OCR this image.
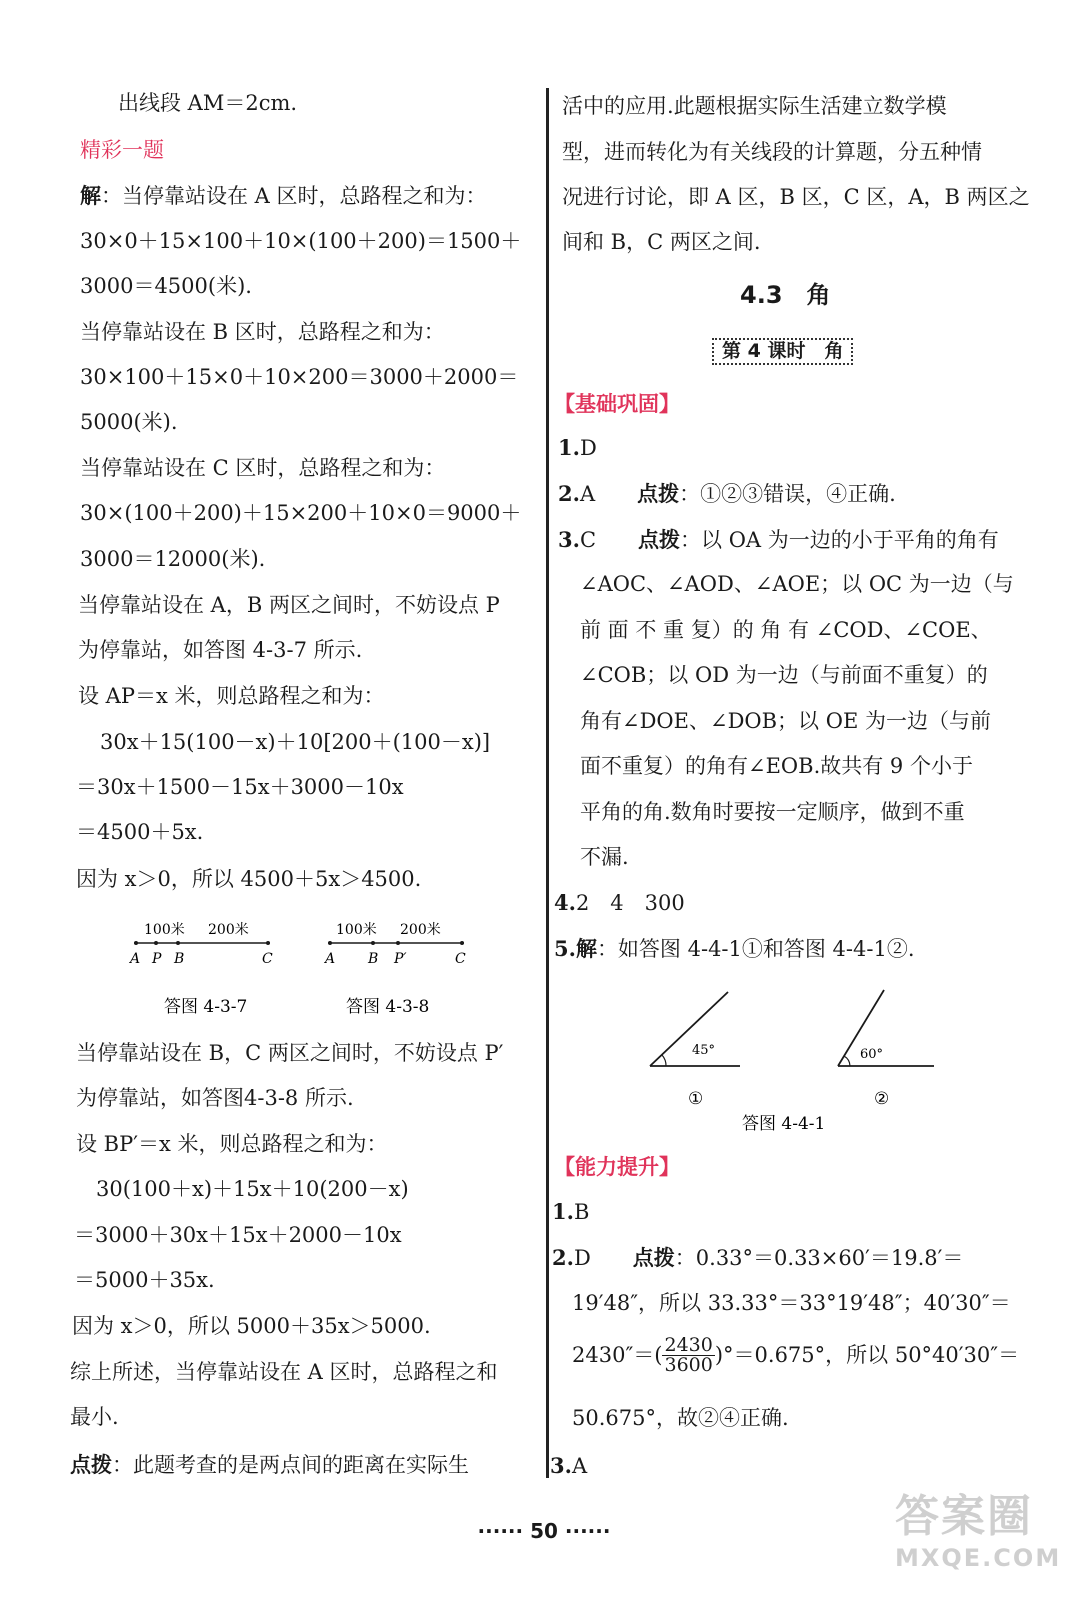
出线段 AM＝2cm.
精彩一题
解：当停靠站设在 A 区时，总路程之和为：
30×0＋15×100＋10×(100＋200)＝1500＋
3000＝4500(米).
当停靠站设在 B 区时，总路程之和为：
30×100＋15×0＋10×200＝3000＋2000＝
5000(米).
当停靠站设在 C 区时，总路程之和为：
30×(100＋200)＋15×200＋10×0＝9000＋
3000＝12000(米).
当停靠站设在 A，B 两区之间时，不妨设点 P
为停靠站，如答图 4-3-7 所示.
设 AP＝x 米，则总路程之和为：
30x＋15(100－x)＋10[200＋(100－x)]
＝30x＋1500－15x＋3000－10x
＝4500＋5x.
因为 x＞0，所以 4500＋5x＞4500.
100米 200米
A P B	C
答图 4-3-7
100米 200米
A B P′	C
答图 4-3-8
当停靠站设在 B，C 两区之间时，不妨设点 P′
为停靠站，如答图4-3-8 所示.
设 BP′＝x 米，则总路程之和为：
30(100＋x)＋15x＋10(200－x)
＝3000＋30x＋15x＋2000－10x
＝5000＋35x.
因为 x＞0，所以 5000＋35x＞5000.
综上所述，当停靠站设在 A 区时，总路程之和
最小.
点拨：此题考查的是两点间的距离在实际生
活中的应用.此题根据实际生活建立数学模
型，进而转化为有关线段的计算题，分五种情
况进行讨论，即 A 区，B 区，C 区，A，B 两区之
间和 B，C 两区之间.
4.3　角
第 4 课时　角
【基础巩固】
1.D
2.A　　点拨：①②③错误，④正确.
3.C　　点拨：以 OA 为一边的小于平角的角有
∠AOC、∠AOD、∠AOE；以 OC 为一边（与
前 面 不 重 复）的 角 有 ∠COD、∠COE、
∠COB；以 OD 为一边（与前面不重复）的
角有∠DOE、∠DOB；以 OE 为一边（与前
面不重复）的角有∠EOB.故共有 9 个小于
平角的角.数角时要按一定顺序，做到不重
不漏.
4.2　4　300
5.解：如答图 4-4-1①和答图 4-4-1②.
45°
①
60°
②
答图 4-4-1
【能力提升】
1.B
2.D　　点拨：0.33°＝0.33×60′＝19.8′＝
19′48″，所以 33.33°＝33°19′48″；40′30″＝
$2430''=( \frac{2430}{3600} )^\circ=0.675^\circ$，所以 50°40′30″＝
50.675°，故②④正确.
3.A
······ 50 ······	答案圈
MXQE.COM
